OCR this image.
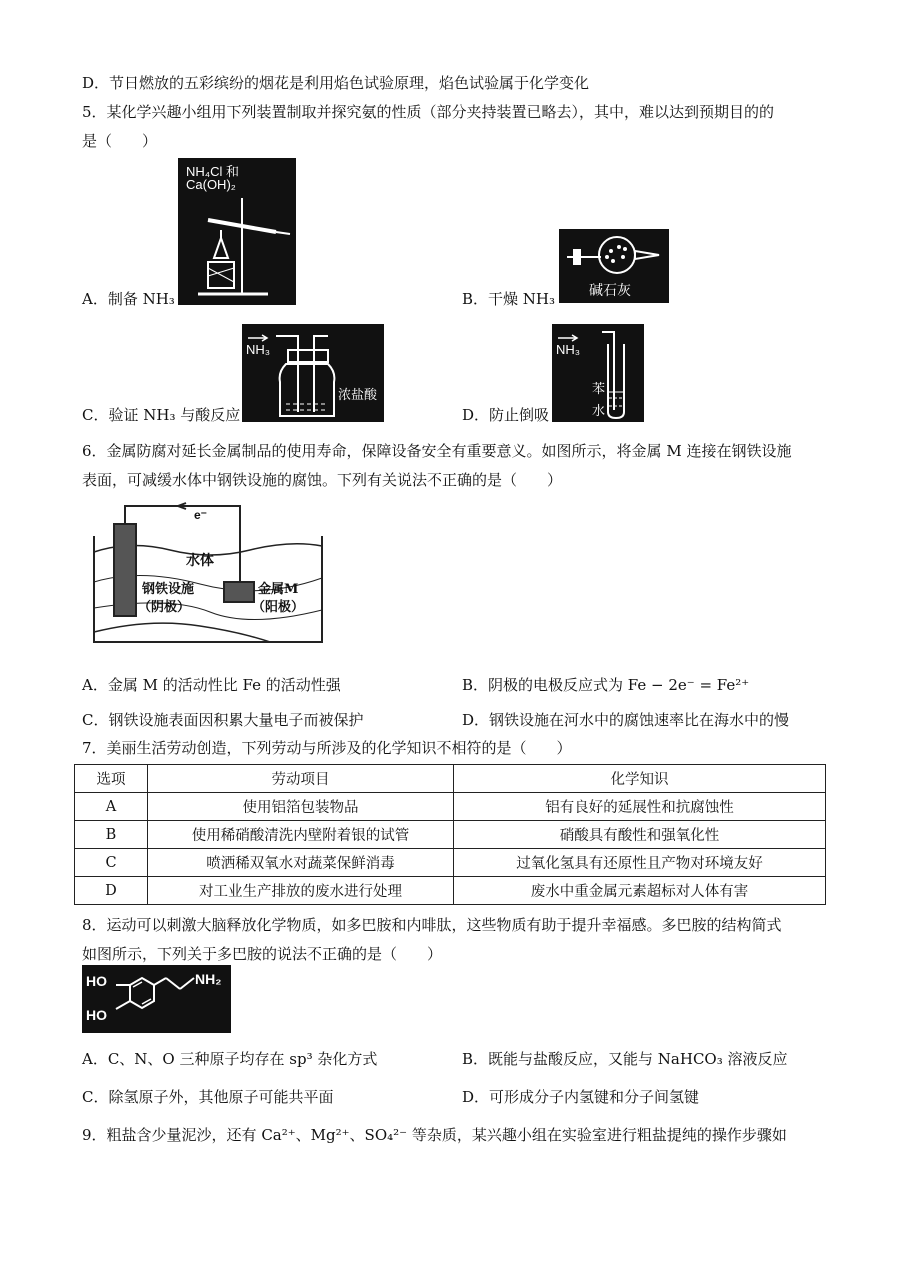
D．节日燃放的五彩缤纷的烟花是利用焰色试验原理，焰色试验属于化学变化
5．某化学兴趣小组用下列装置制取并探究氨的性质（部分夹持装置已略去），其中，难以达到预期目的的
是（　　）
NH₄Cl 和
Ca(OH)₂
A．制备 NH₃	碱石灰
B．干燥 NH₃
NH₃
浓盐酸
C．验证 NH₃ 与酸反应
NH₃
苯
水
D．防止倒吸
6．金属防腐对延长金属制品的使用寿命，保障设备安全有重要意义。如图所示，将金属 M 连接在钢铁设施
表面，可减缓水体中钢铁设施的腐蚀。下列有关说法不正确的是（　　）
e⁻
水体
钢铁设施
（阴极）
金属M
（阳极）
A．金属 M 的活动性比 Fe 的活动性强	B．阴极的电极反应式为 Fe − 2e⁻ = Fe²⁺
C．钢铁设施表面因积累大量电子而被保护	D．钢铁设施在河水中的腐蚀速率比在海水中的慢
7．美丽生活劳动创造，下列劳动与所涉及的化学知识不相符的是（　　）
选项	劳动项目	化学知识
A	使用铝箔包装物品	铝有良好的延展性和抗腐蚀性
B	使用稀硝酸清洗内壁附着银的试管	硝酸具有酸性和强氧化性
C	喷洒稀双氧水对蔬菜保鲜消毒	过氧化氢具有还原性且产物对环境友好
D	对工业生产排放的废水进行处理	废水中重金属元素超标对人体有害
8．运动可以刺激大脑释放化学物质，如多巴胺和内啡肽，这些物质有助于提升幸福感。多巴胺的结构简式
如图所示，下列关于多巴胺的说法不正确的是（　　）
HO
HO
NH₂
A．C、N、O 三种原子均存在 sp³ 杂化方式	B．既能与盐酸反应，又能与 NaHCO₃ 溶液反应
C．除氢原子外，其他原子可能共平面	D．可形成分子内氢键和分子间氢键
9．粗盐含少量泥沙，还有 Ca²⁺、Mg²⁺、SO₄²⁻ 等杂质，某兴趣小组在实验室进行粗盐提纯的操作步骤如
